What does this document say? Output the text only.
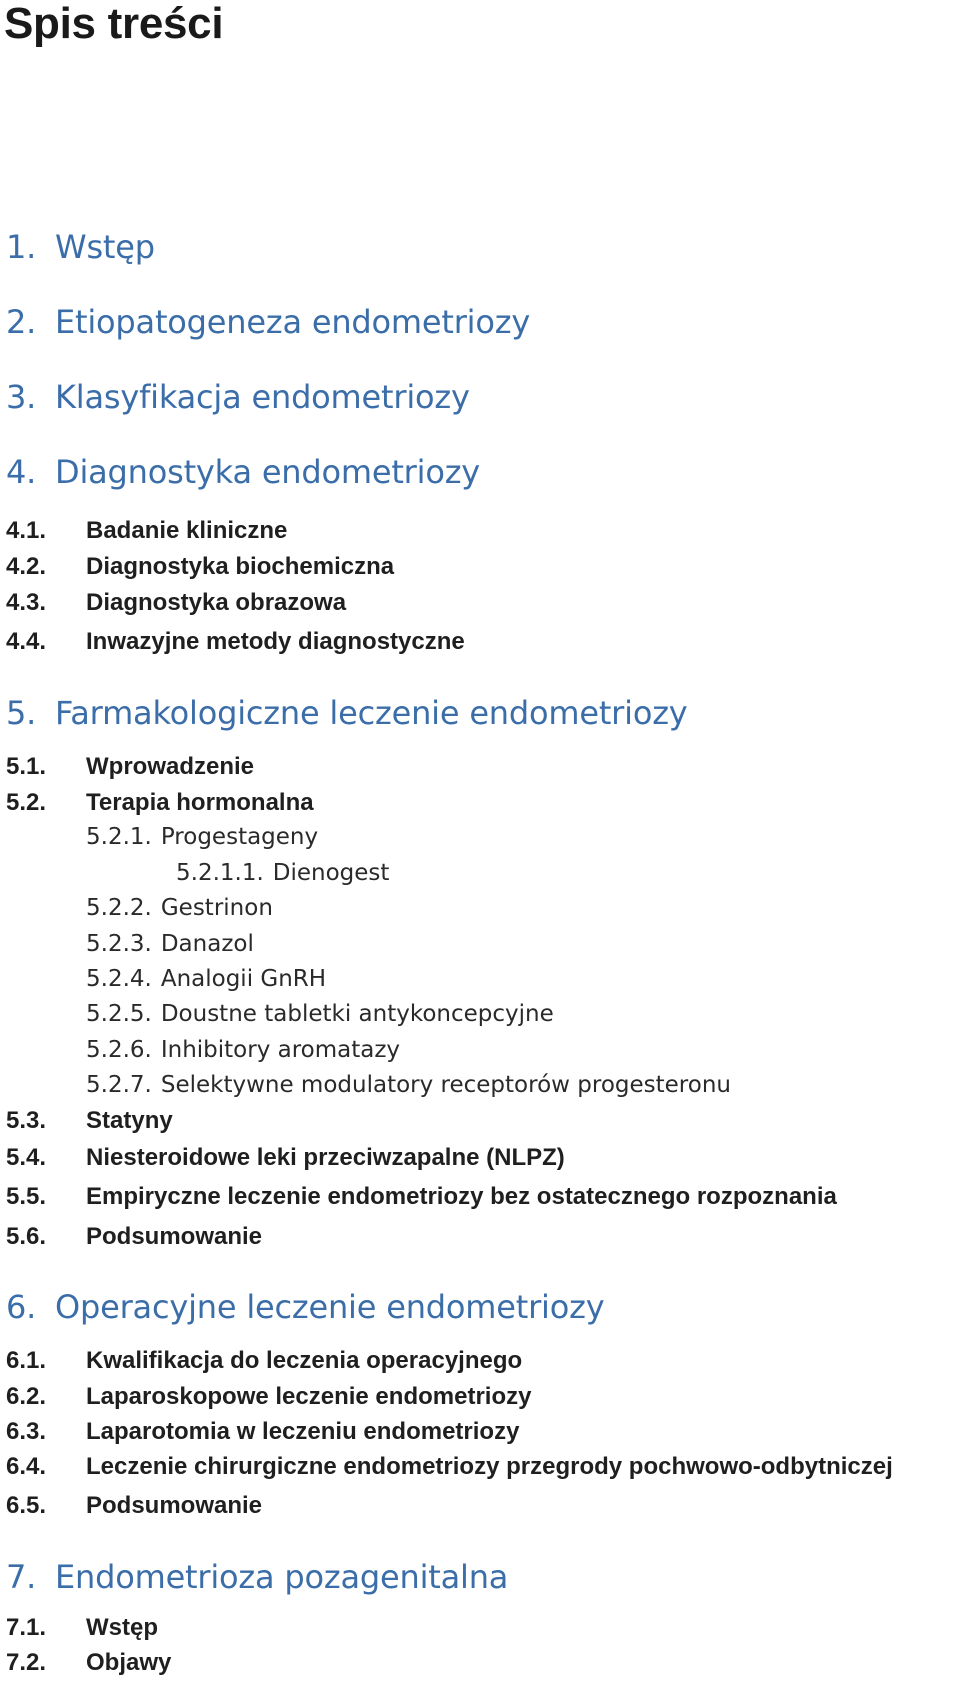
Spis treści
1. Wstęp
2. Etiopatogeneza endometriozy
3. Klasyfikacja endometriozy
4. Diagnostyka endometriozy
4.1. Badanie kliniczne
4.2. Diagnostyka biochemiczna
4.3. Diagnostyka obrazowa
4.4. Inwazyjne metody diagnostyczne
5. Farmakologiczne leczenie endometriozy
5.1. Wprowadzenie
5.2. Terapia hormonalna
5.2.1. Progestageny
5.2.1.1. Dienogest
5.2.2. Gestrinon
5.2.3. Danazol
5.2.4. Analogii GnRH
5.2.5. Doustne tabletki antykoncepcyjne
5.2.6. Inhibitory aromatazy
5.2.7. Selektywne modulatory receptorów progesteronu
5.3. Statyny
5.4. Niesteroidowe leki przeciwzapalne (NLPZ)
5.5. Empiryczne leczenie endometriozy bez ostatecznego rozpoznania
5.6. Podsumowanie
6. Operacyjne leczenie endometriozy
6.1. Kwalifikacja do leczenia operacyjnego
6.2. Laparoskopowe leczenie endometriozy
6.3. Laparotomia w leczeniu endometriozy
6.4. Leczenie chirurgiczne endometriozy przegrody pochwowo-odbytniczej
6.5. Podsumowanie
7. Endometrioza pozagenitalna
7.1. Wstęp
7.2. Objawy
